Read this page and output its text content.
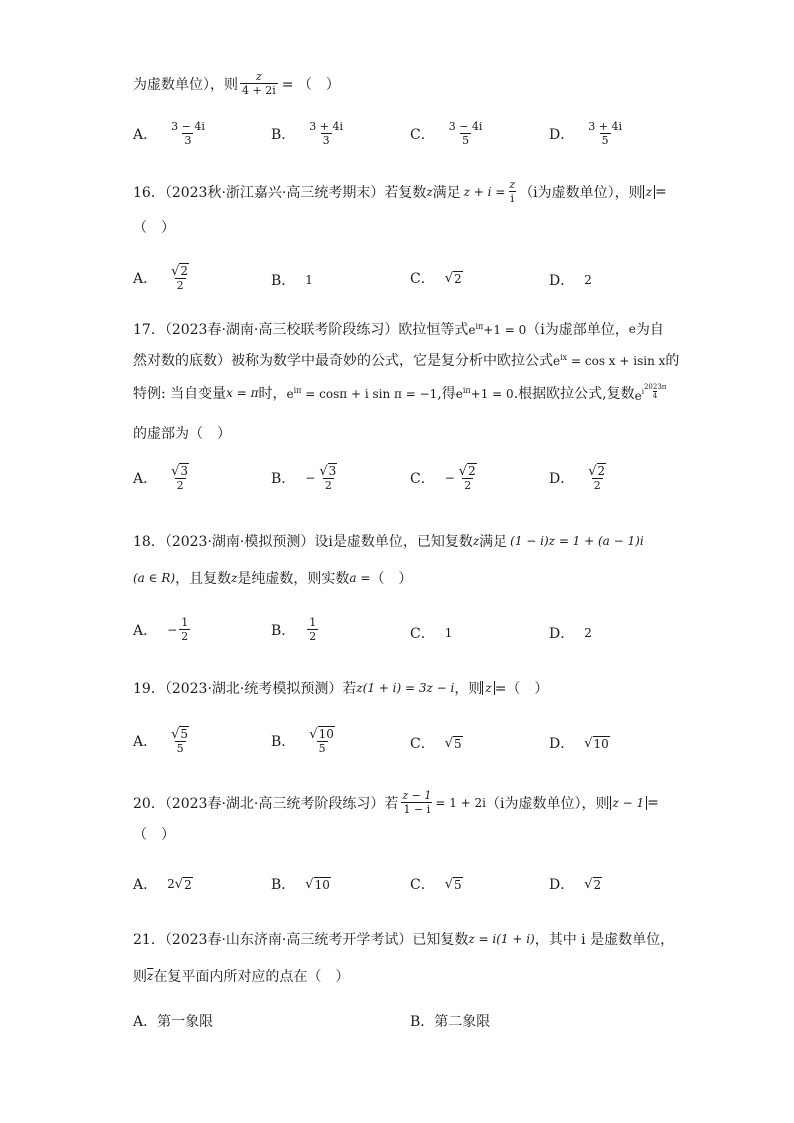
为虚数单位），则 $\frac{z}{4 + 2i}$ = （　）
A． $\frac{3 - 4i}{3}$	B． $\frac{3 + 4i}{3}$	C． $\frac{3 - 4i}{5}$	D． $\frac{3 + 4i}{5}$
16．（2023秋·浙江嘉兴·高三统考期末）若复数 z 满足 $z + i = \frac{z}{i} (i$为虚数单位），则 z =
（　）
A． $\frac{√ 2}{2}$	B． 1	C． √ 2	D． 2
17．（2023春·湖南·高三校联考阶段练习）欧拉恒等式 $e^{i\pi}+1 = 0$ （i为虚部单位， e 为自
然对数的底数）被称为数学中最奇妙的公式，它是复分析中欧拉公式 $e^{ix} = \cos x + isin$ x 的
特例: 当自变量 x = π 时， $e^{i\pi} = \cos\pi + i$ sin π = −1 ,得 $e^{i\pi}+1 = 0$ .根据欧拉公式,复数 e i
2023π
4
的虚部为（　）
A． $\frac{√ 3}{2}$	B． − $\frac{√ 3}{2}$	C． − $\frac{√ 2}{2}$	D． $\frac{√ 2}{2}$
18．（2023·湖南·模拟预测）设i是虚数单位，已知复数 z 满足 (1 − i)z = 1 + (a − 1)i
(a ∈ R) ，且复数 z 是纯虚数，则实数 a = （　）
A． − $\frac{1}{2}$	B． $\frac{1}{2}$	C． 1	D． 2
19．（2023·湖北·统考模拟预测）若 z(1 + i) = 3z − i ，则 z =（　）
A． $\frac{√ 5}{5}$	B． $\frac{√ 10}{5}$	C． √ 5	D． √ 10
20．（2023春·湖北·高三统考阶段练习）若 $\frac{z - 1}{1 - i} = 1 + 2i$ （i为虚数单位），则 z − 1 =
（　）
A． 2 √ 2	B． √ 10	C． √ 5	D． √ 2
21．（2023春·山东济南·高三统考开学考试）已知复数 z = i(1 + i) ，其中 i 是虚数单位，
则 $\overline{z}$ 在复平面内所对应的点在（　）
A． 第一象限	B． 第二象限
